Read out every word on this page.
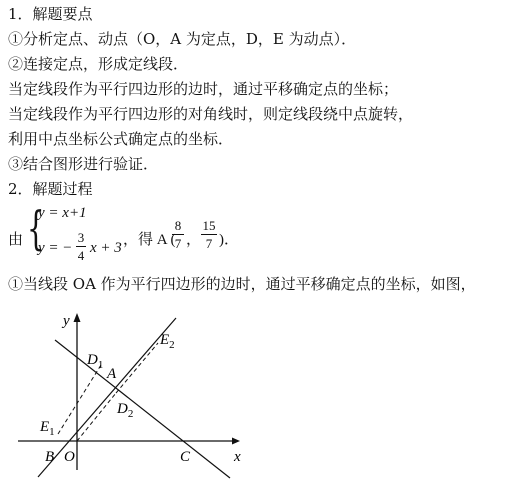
1．解题要点
①分析定点、动点（O，A 为定点，D，E 为动点）．
②连接定点，形成定线段．
当定线段作为平行四边形的边时，通过平移确定点的坐标；
当定线段作为平行四边形的对角线时，则定线段绕中点旋转，
利用中点坐标公式确定点的坐标．
③结合图形进行验证．
2．解题过程
由 {
y = x+1
y = −
3
4 x + 3 ，得 A (
8
7 ，
15
7 )．
①当线段 OA 作为平行四边形的边时，通过平移确定点的坐标，如图，
y
x
O
B	C
A
$D_1$
$D_2$
$E_1$
$E_2$
